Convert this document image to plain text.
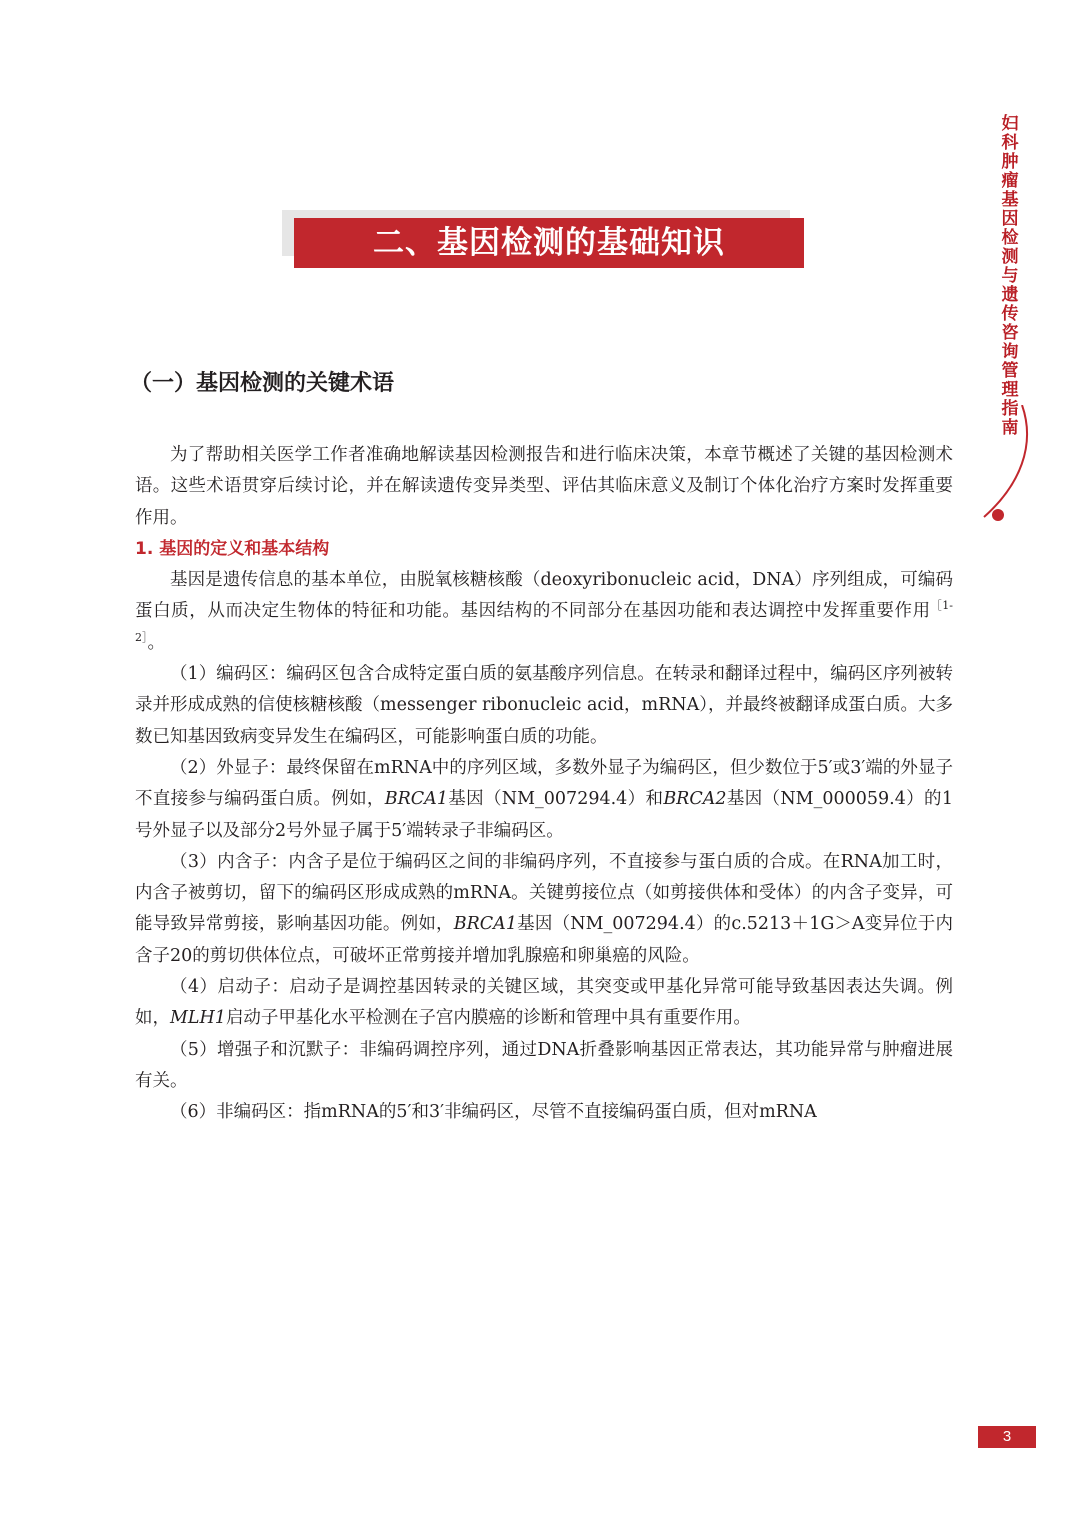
妇科肿瘤基因检测与遗传咨询管理指南
二、基因检测的基础知识
（一）基因检测的关键术语

为了帮助相关医学工作者准确地解读基因检测报告和进行临床决策，本章节概述了关键的基因检测术语。这些术语贯穿后续讨论，并在解读遗传变异类型、评估其临床意义及制订个体化治疗方案时发挥重要作用。

1. 基因的定义和基本结构

基因是遗传信息的基本单位，由脱氧核糖核酸（deoxyribonucleic acid，DNA）序列组成，可编码蛋白质，从而决定生物体的特征和功能。基因结构的不同部分在基因功能和表达调控中发挥重要作用$^{[1-2]}$。

（1）编码区：编码区包含合成特定蛋白质的氨基酸序列信息。在转录和翻译过程中，编码区序列被转录并形成成熟的信使核糖核酸（messenger ribonucleic acid，mRNA），并最终被翻译成蛋白质。大多数已知基因致病变异发生在编码区，可能影响蛋白质的功能。

（2）外显子：最终保留在mRNA中的序列区域，多数外显子为编码区，但少数位于5′或3′端的外显子不直接参与编码蛋白质。例如，BRCA1基因（NM_007294.4）和BRCA2基因（NM_000059.4）的1号外显子以及部分2号外显子属于5′端转录子非编码区。

（3）内含子：内含子是位于编码区之间的非编码序列，不直接参与蛋白质的合成。在RNA加工时，内含子被剪切，留下的编码区形成成熟的mRNA。关键剪接位点（如剪接供体和受体）的内含子变异，可能导致异常剪接，影响基因功能。例如，BRCA1基因（NM_007294.4）的c.5213＋1G＞A变异位于内含子20的剪切供体位点，可破坏正常剪接并增加乳腺癌和卵巢癌的风险。

（4）启动子：启动子是调控基因转录的关键区域，其突变或甲基化异常可能导致基因表达失调。例如，MLH1启动子甲基化水平检测在子宫内膜癌的诊断和管理中具有重要作用。

（5）增强子和沉默子：非编码调控序列，通过DNA折叠影响基因正常表达，其功能异常与肿瘤进展有关。

（6）非编码区：指mRNA的5′和3′非编码区，尽管不直接编码蛋白质，但对mRNA

3
